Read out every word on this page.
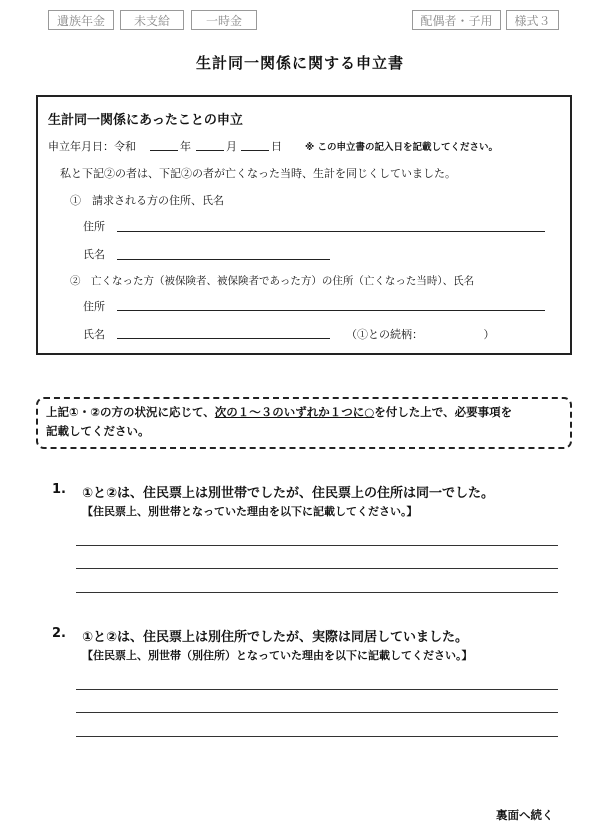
遺族年金	未支給	一時金	配偶者・子用	様式３
生計同一関係に関する申立書
生計同一関係にあったことの申立
申立年月日：令和	年	月	日 ※ この申立書の記入日を記載してください。
私と下記②の者は、下記②の者が亡くなった当時、生計を同じくしていました。
①　請求される方の住所、氏名
住所
氏名
②　亡くなった方（被保険者、被保険者であった方）の住所（亡くなった当時）、氏名
住所
氏名	（①との続柄：　　　　　　）
上記①・②の方の状況に応じて、次の１～３のいずれか１つに○を付した上で、必要事項を
記載してください。
1. ①と②は、住民票上は別世帯でしたが、住民票上の住所は同一でした。
【住民票上、別世帯となっていた理由を以下に記載してください。】
2. ①と②は、住民票上は別住所でしたが、実際は同居していました。
【住民票上、別世帯（別住所）となっていた理由を以下に記載してください。】
裏面へ続く
